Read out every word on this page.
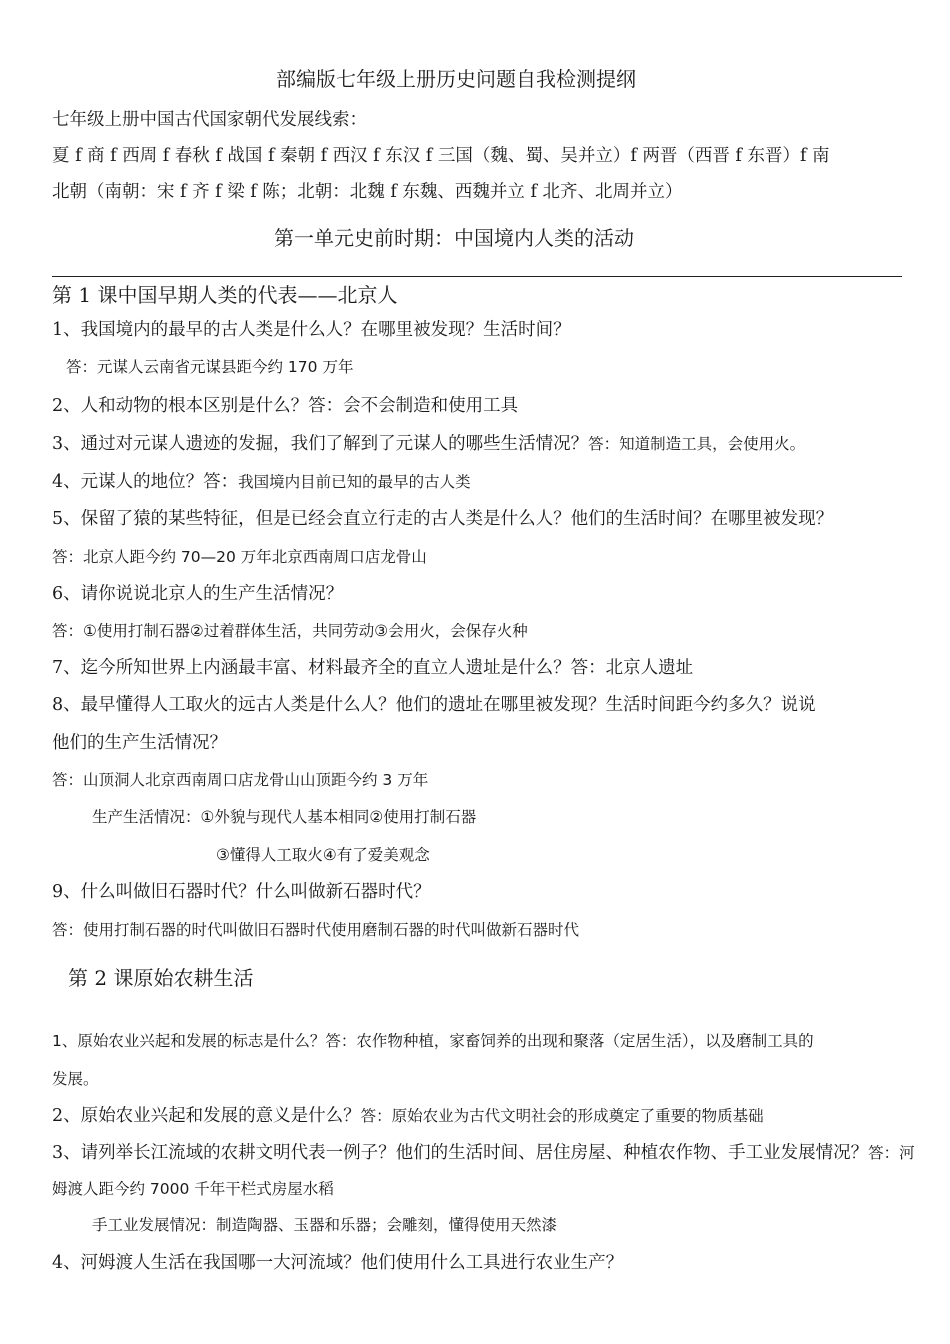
部编版七年级上册历史问题自我检测提纲
七年级上册中国古代国家朝代发展线索：
夏 f 商 f 西周 f 春秋 f 战国 f 秦朝 f 西汉 f 东汉 f 三国（魏、蜀、吴并立）f 两晋（西晋 f 东晋）f 南
北朝（南朝：宋 f 齐 f 梁 f 陈；北朝：北魏 f 东魏、西魏并立 f 北齐、北周并立）
第一单元史前时期：中国境内人类的活动
第 1 课中国早期人类的代表——北京人
1、我国境内的最早的古人类是什么人？在哪里被发现？生活时间？
答：元谋人云南省元谋县距今约 170 万年
2、人和动物的根本区别是什么？答：会不会制造和使用工具
3、通过对元谋人遗迹的发掘，我们了解到了元谋人的哪些生活情况？答：知道制造工具，会使用火。
4、元谋人的地位？答：我国境内目前已知的最早的古人类
5、保留了猿的某些特征，但是已经会直立行走的古人类是什么人？他们的生活时间？在哪里被发现？
答：北京人距今约 70—20 万年北京西南周口店龙骨山
6、请你说说北京人的生产生活情况？
答：①使用打制石器②过着群体生活，共同劳动③会用火，会保存火种
7、迄今所知世界上内涵最丰富、材料最齐全的直立人遗址是什么？答：北京人遗址
8、最早懂得人工取火的远古人类是什么人？他们的遗址在哪里被发现？生活时间距今约多久？说说
他们的生产生活情况？
答：山顶洞人北京西南周口店龙骨山山顶距今约 3 万年
生产生活情况：①外貌与现代人基本相同②使用打制石器
③懂得人工取火④有了爱美观念
9、什么叫做旧石器时代？什么叫做新石器时代？
答：使用打制石器的时代叫做旧石器时代使用磨制石器的时代叫做新石器时代
第 2 课原始农耕生活
1、原始农业兴起和发展的标志是什么？答：农作物种植，家畜饲养的出现和聚落（定居生活），以及磨制工具的
发展。
2、原始农业兴起和发展的意义是什么？答：原始农业为古代文明社会的形成奠定了重要的物质基础
3、请列举长江流域的农耕文明代表一例子？他们的生活时间、居住房屋、种植农作物、手工业发展情况？答：河
姆渡人距今约 7000 千年干栏式房屋水稻
手工业发展情况：制造陶器、玉器和乐器；会雕刻，懂得使用天然漆
4、河姆渡人生活在我国哪一大河流域？他们使用什么工具进行农业生产？
